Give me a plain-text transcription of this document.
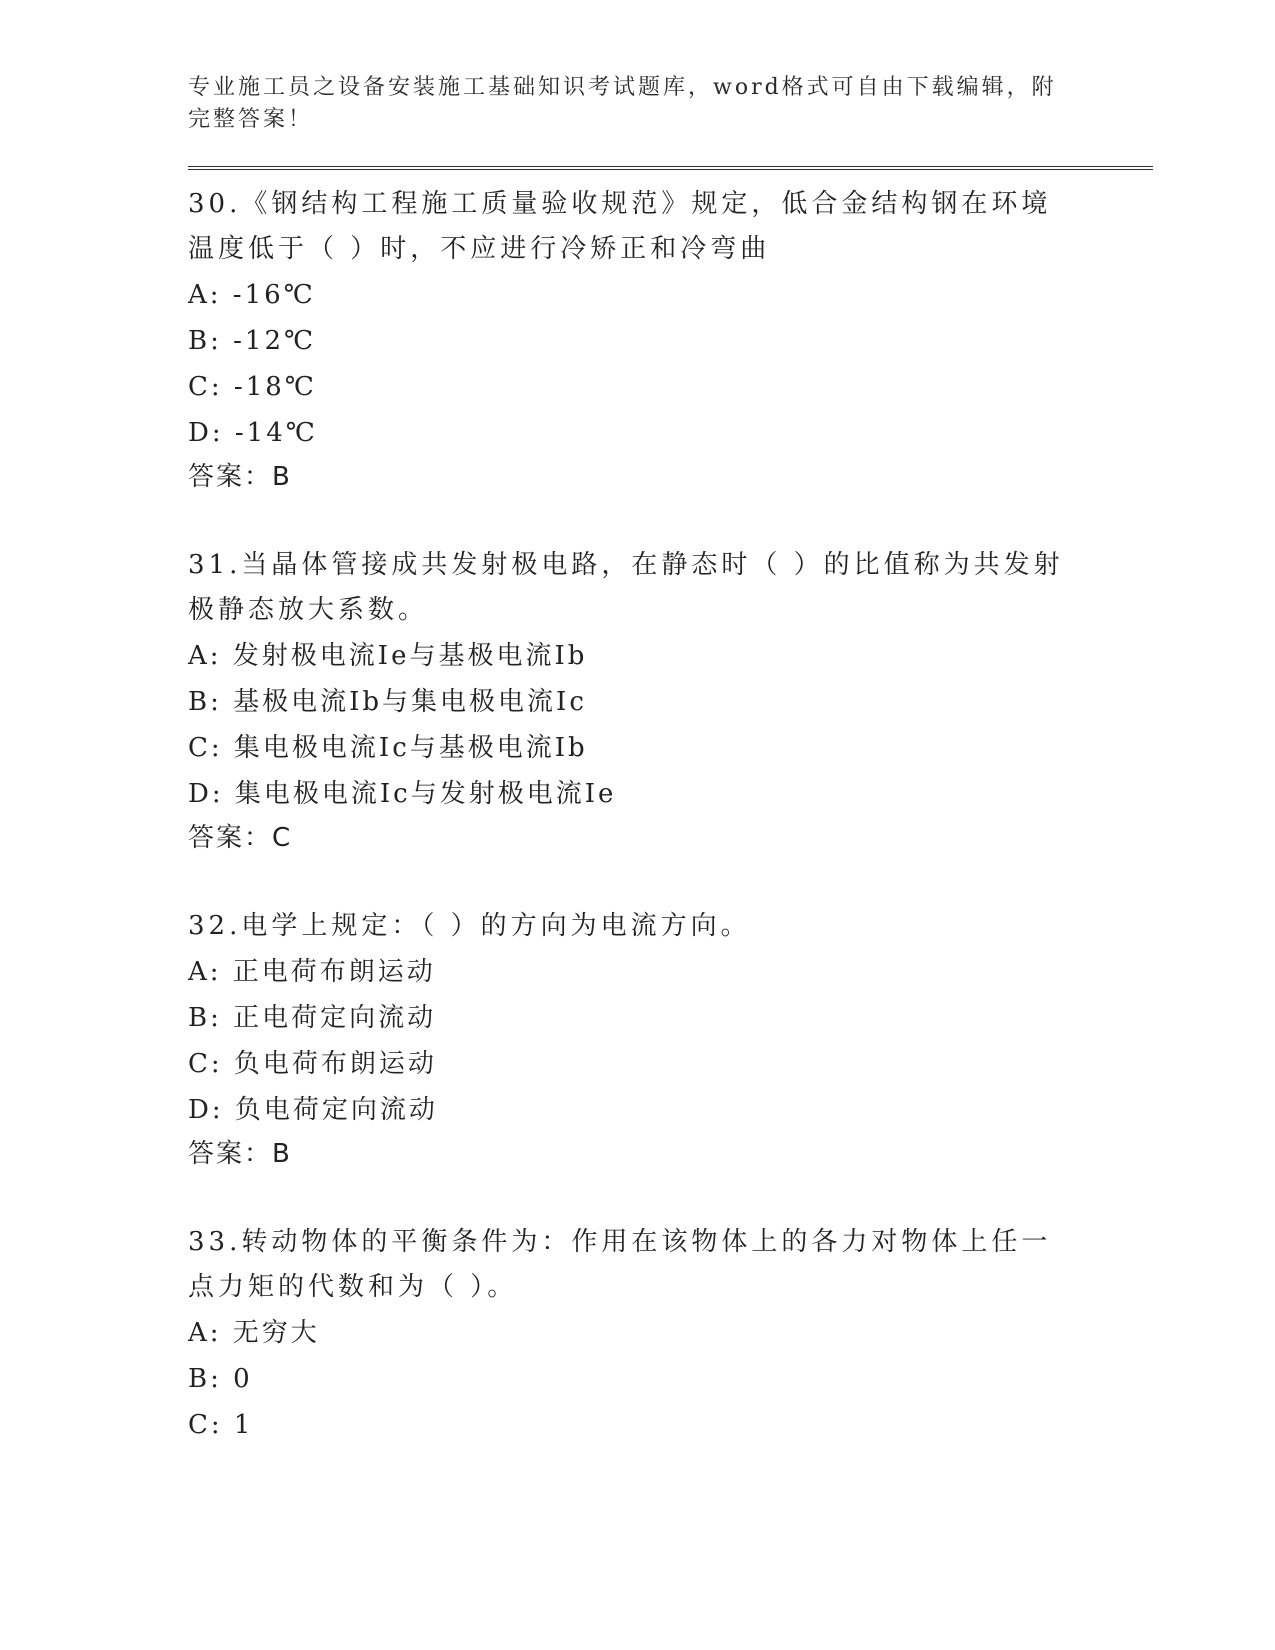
专业施工员之设备安装施工基础知识考试题库，word格式可自由下载编辑，附完整答案！
30.《钢结构工程施工质量验收规范》规定，低合金结构钢在环境温度低于（ ）时，不应进行冷矫正和冷弯曲
A: -16℃
B: -12℃
C: -18℃
D: -14℃
答案：B
31.当晶体管接成共发射极电路，在静态时（ ）的比值称为共发射极静态放大系数。
A: 发射极电流Ie与基极电流Ib
B: 基极电流Ib与集电极电流Ic
C: 集电极电流Ic与基极电流Ib
D: 集电极电流Ic与发射极电流Ie
答案：C
32.电学上规定：（ ）的方向为电流方向。
A: 正电荷布朗运动
B: 正电荷定向流动
C: 负电荷布朗运动
D: 负电荷定向流动
答案：B
33.转动物体的平衡条件为：作用在该物体上的各力对物体上任一点力矩的代数和为（ ）。
A: 无穷大
B: 0
C: 1
